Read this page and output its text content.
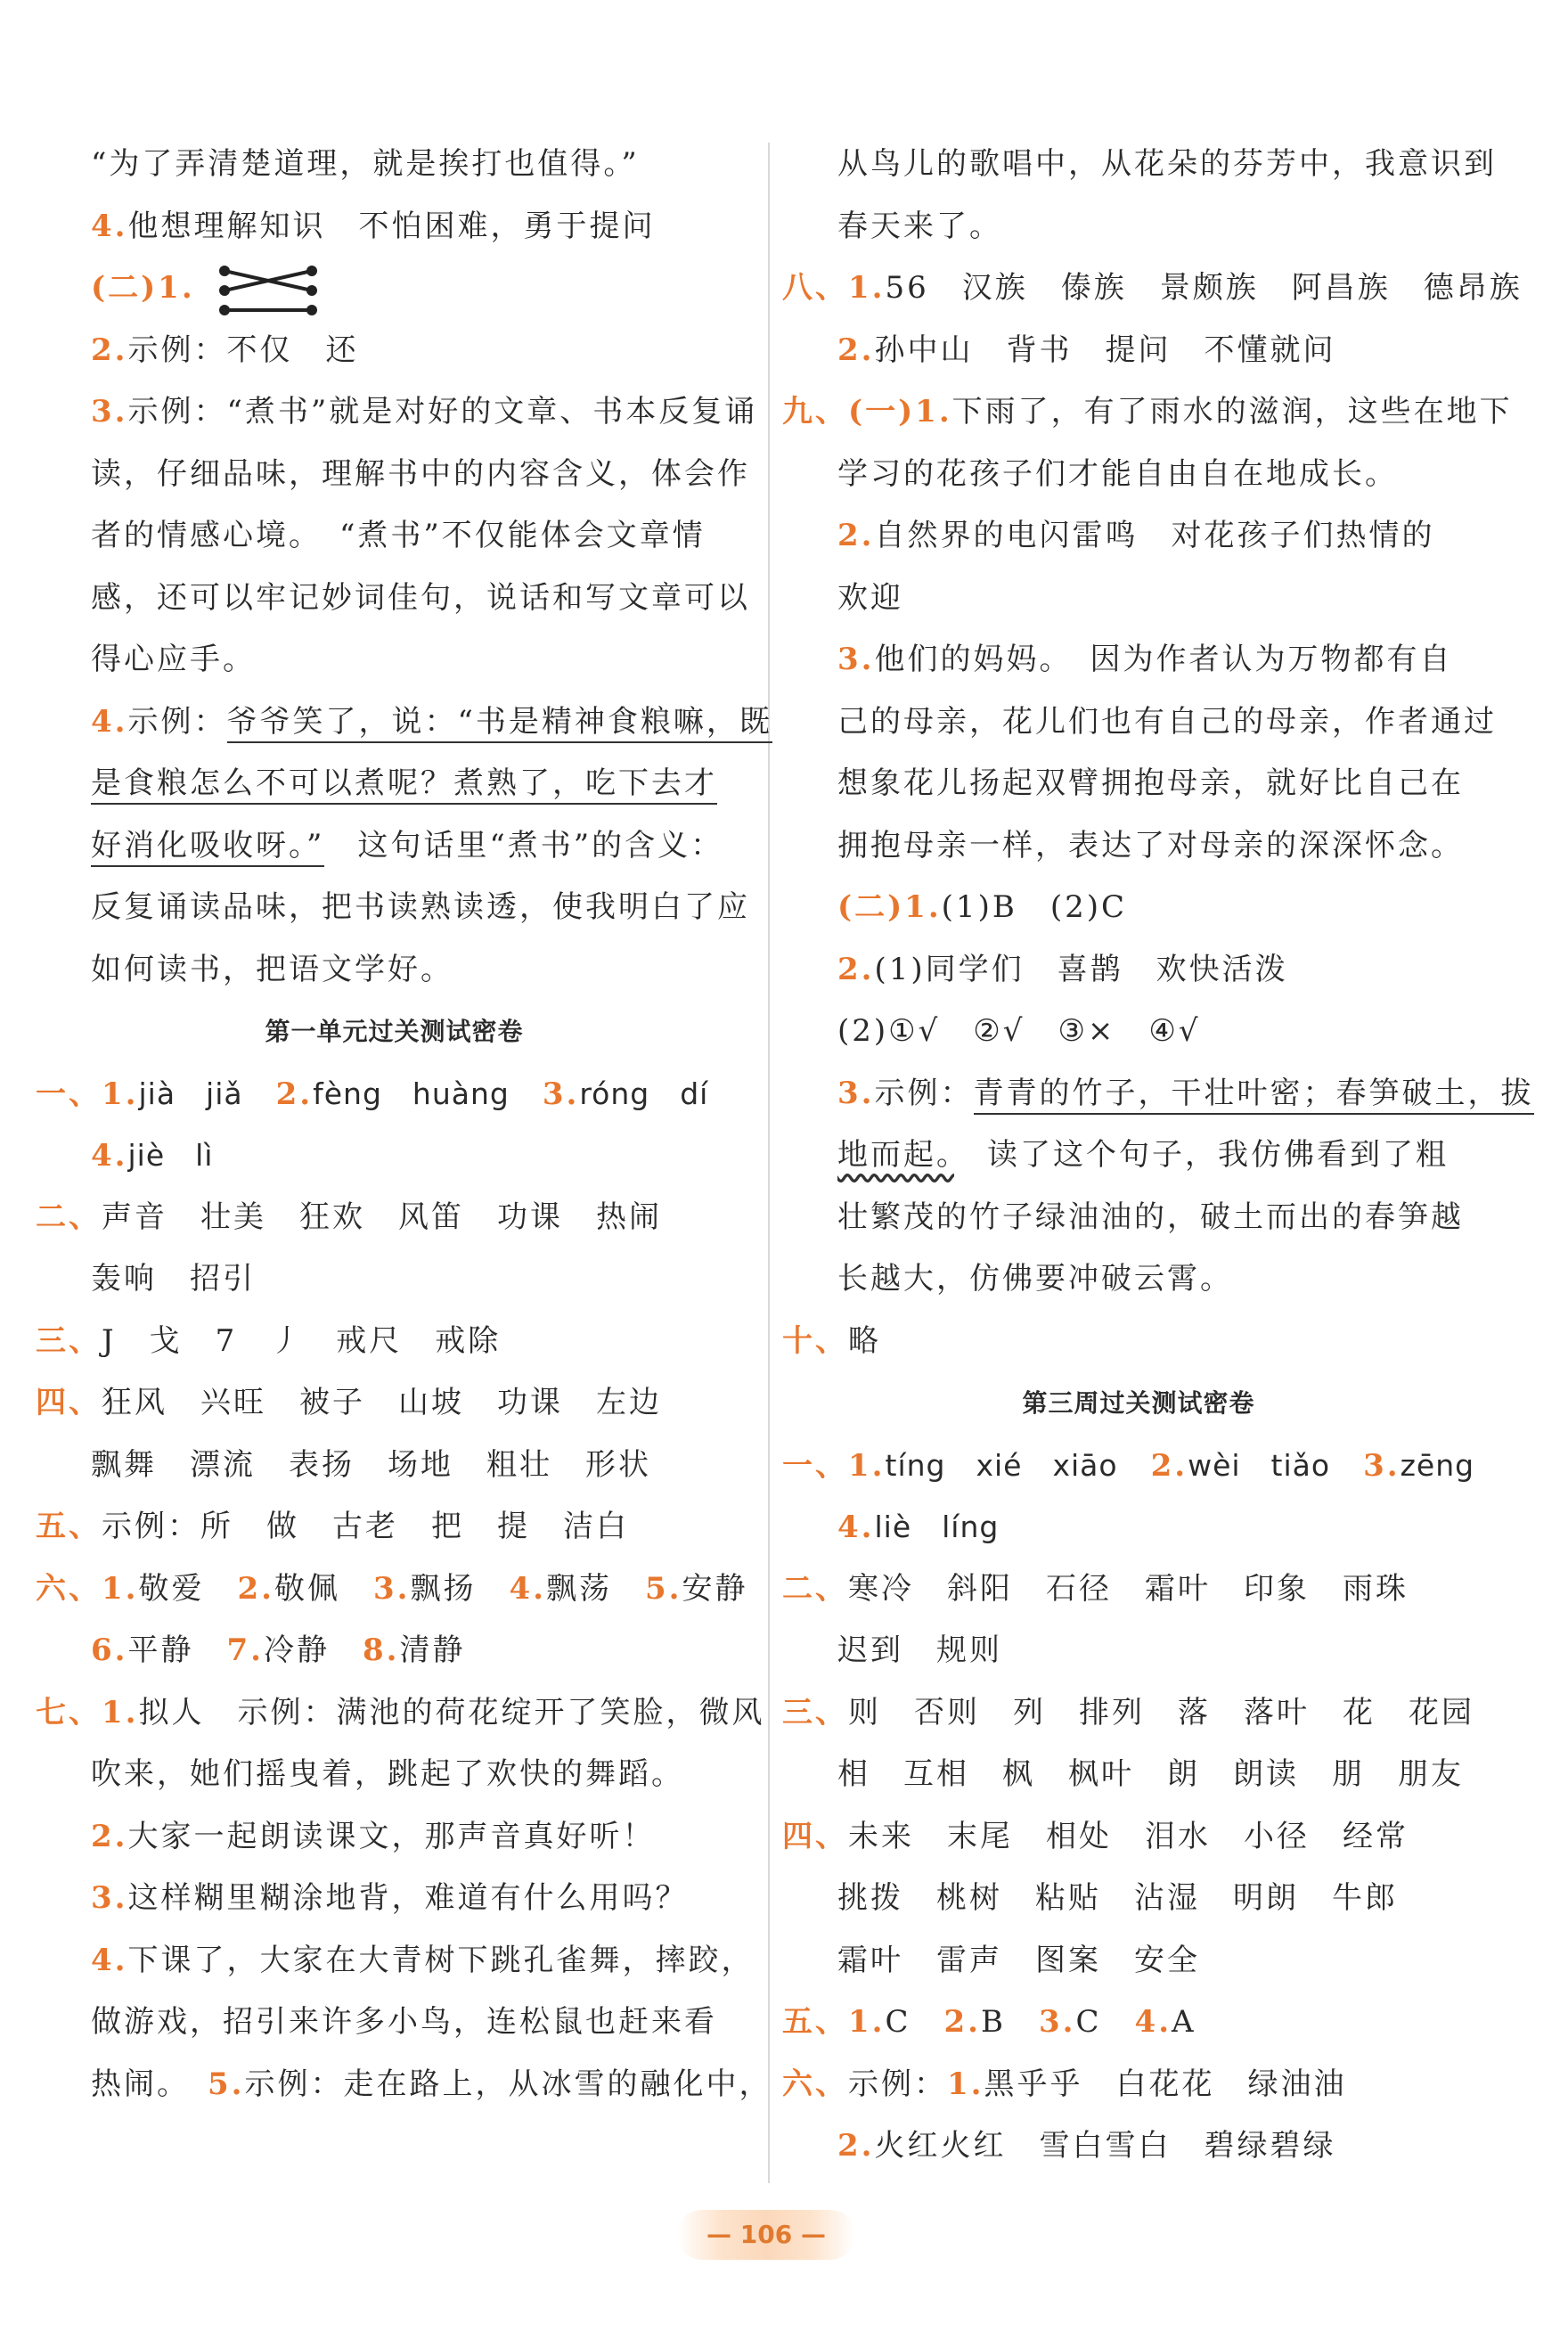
“为了弄清楚道理，就是挨打也值得。”
4.他想理解知识　不怕困难，勇于提问
(二)1.
2.示例：不仅　还
3.示例：“煮书”就是对好的文章、书本反复诵
读，仔细品味，理解书中的内容含义，体会作
者的情感心境。　“煮书”不仅能体会文章情
感，还可以牢记妙词佳句，说话和写文章可以
得心应手。
4.示例：爷爷笑了，说：“书是精神食粮嘛，既
是食粮怎么不可以煮呢？煮熟了，吃下去才
好消化吸收呀。”　这句话里“煮书”的含义：
反复诵读品味，把书读熟读透，使我明白了应
如何读书，把语文学好。
第一单元过关测试密卷
一、1.jià　jiǎ　 2.fèng　huàng　 3.róng　dí
4.jiè　lì
二、声音　壮美　狂欢　风笛　功课　热闹
轰响　招引
三、J　戈　7　丿　戒尺　戒除
四、狂风　兴旺　被子　山坡　功课　左边
飘舞　漂流　表扬　场地　粗壮　形状
五、示例：所　做　古老　把　提　洁白
六、1.敬爱　 2.敬佩　 3.飘扬　 4.飘荡　 5.安静
6.平静　 7.冷静　 8.清静
七、1.拟人　示例：满池的荷花绽开了笑脸，微风
吹来，她们摇曳着，跳起了欢快的舞蹈。
2.大家一起朗读课文，那声音真好听！
3.这样糊里糊涂地背，难道有什么用吗？
4.下课了，大家在大青树下跳孔雀舞，摔跤，
做游戏，招引来许多小鸟，连松鼠也赶来看
热闹。　5.示例：走在路上，从冰雪的融化中，
从鸟儿的歌唱中，从花朵的芬芳中，我意识到
春天来了。
八、1.56　汉族　傣族　景颇族　阿昌族　德昂族
2.孙中山　背书　提问　不懂就问
九、(一)1.下雨了，有了雨水的滋润，这些在地下
学习的花孩子们才能自由自在地成长。
2.自然界的电闪雷鸣　对花孩子们热情的
欢迎
3.他们的妈妈。　因为作者认为万物都有自
己的母亲，花儿们也有自己的母亲，作者通过
想象花儿扬起双臂拥抱母亲，就好比自己在
拥抱母亲一样，表达了对母亲的深深怀念。
(二)1.(1)B　(2)C
2.(1)同学们　喜鹊　欢快活泼
(2)①√　②√　③×　④√
3.示例：青青的竹子，干壮叶密；春笋破土，拔
地而起。　读了这个句子，我仿佛看到了粗
壮繁茂的竹子绿油油的，破土而出的春笋越
长越大，仿佛要冲破云霄。
十、略
第三周过关测试密卷
一、1.tíng　xié　xiāo　 2.wèi　tiǎo　 3.zēng
4.liè　líng
二、寒冷　斜阳　石径　霜叶　印象　雨珠
迟到　规则
三、则　否则　列　排列　落　落叶　花　花园
相　互相　枫　枫叶　朗　朗读　朋　朋友
四、未来　末尾　相处　泪水　小径　经常
挑拨　桃树　粘贴　沾湿　明朗　牛郎
霜叶　雷声　图案　安全
五、1.C　 2.B　 3.C　 4.A
六、示例：1.黑乎乎　白花花　绿油油
2.火红火红　雪白雪白　碧绿碧绿
— 106 —
